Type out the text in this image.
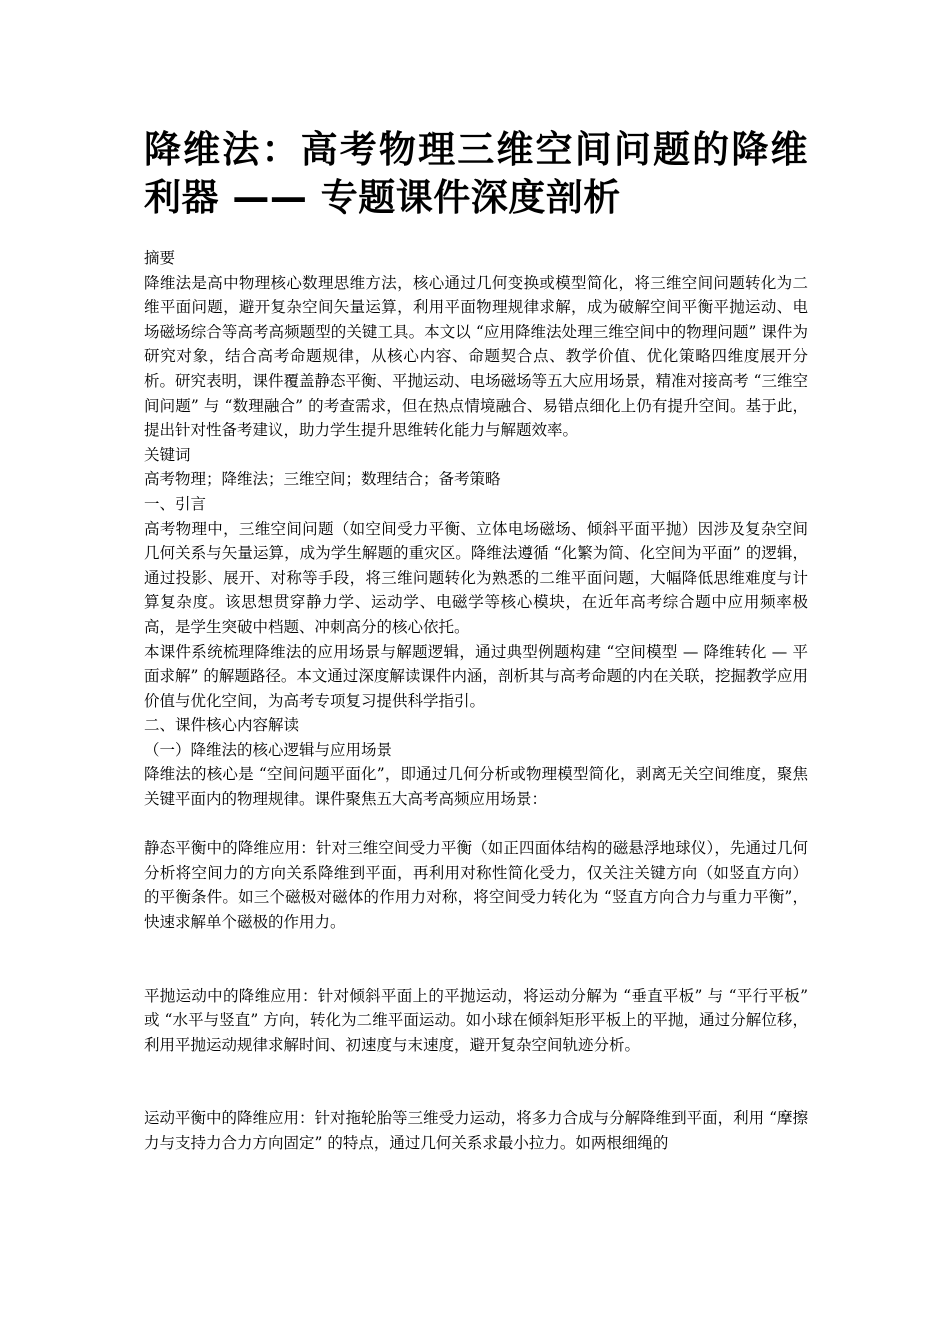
降维法：高考物理三维空间问题的降维利器 —— 专题课件深度剖析

摘要

降维法是高中物理核心数理思维方法，核心通过几何变换或模型简化，将三维空间问题转化为二维平面问题，避开复杂空间矢量运算，利用平面物理规律求解，成为破解空间平衡平抛运动、电场磁场综合等高考高频题型的关键工具。本文以 “应用降维法处理三维空间中的物理问题” 课件为研究对象，结合高考命题规律，从核心内容、命题契合点、教学价值、优化策略四维度展开分析。研究表明，课件覆盖静态平衡、平抛运动、电场磁场等五大应用场景，精准对接高考 “三维空间问题” 与 “数理融合” 的考查需求，但在热点情境融合、易错点细化上仍有提升空间。基于此，提出针对性备考建议，助力学生提升思维转化能力与解题效率。

关键词

高考物理；降维法；三维空间；数理结合；备考策略

一、引言

高考物理中，三维空间问题（如空间受力平衡、立体电场磁场、倾斜平面平抛）因涉及复杂空间几何关系与矢量运算，成为学生解题的重灾区。降维法遵循 “化繁为简、化空间为平面” 的逻辑，通过投影、展开、对称等手段，将三维问题转化为熟悉的二维平面问题，大幅降低思维难度与计算复杂度。该思想贯穿静力学、运动学、电磁学等核心模块，在近年高考综合题中应用频率极高，是学生突破中档题、冲刺高分的核心依托。

本课件系统梳理降维法的应用场景与解题逻辑，通过典型例题构建 “空间模型 — 降维转化 — 平面求解” 的解题路径。本文通过深度解读课件内涵，剖析其与高考命题的内在关联，挖掘教学应用价值与优化空间，为高考专项复习提供科学指引。

二、课件核心内容解读

（一）降维法的核心逻辑与应用场景

降维法的核心是 “空间问题平面化”，即通过几何分析或物理模型简化，剥离无关空间维度，聚焦关键平面内的物理规律。课件聚焦五大高考高频应用场景：

静态平衡中的降维应用：针对三维空间受力平衡（如正四面体结构的磁悬浮地球仪），先通过几何分析将空间力的方向关系降维到平面，再利用对称性简化受力，仅关注关键方向（如竖直方向）的平衡条件。如三个磁极对磁体的作用力对称，将空间受力转化为 “竖直方向合力与重力平衡”，快速求解单个磁极的作用力。

平抛运动中的降维应用：针对倾斜平面上的平抛运动，将运动分解为 “垂直平板” 与 “平行平板” 或 “水平与竖直” 方向，转化为二维平面运动。如小球在倾斜矩形平板上的平抛，通过分解位移，利用平抛运动规律求解时间、初速度与末速度，避开复杂空间轨迹分析。

运动平衡中的降维应用：针对拖轮胎等三维受力运动，将多力合成与分解降维到平面，利用 “摩擦力与支持力合力方向固定” 的特点，通过几何关系求最小拉力。如两根细绳的
